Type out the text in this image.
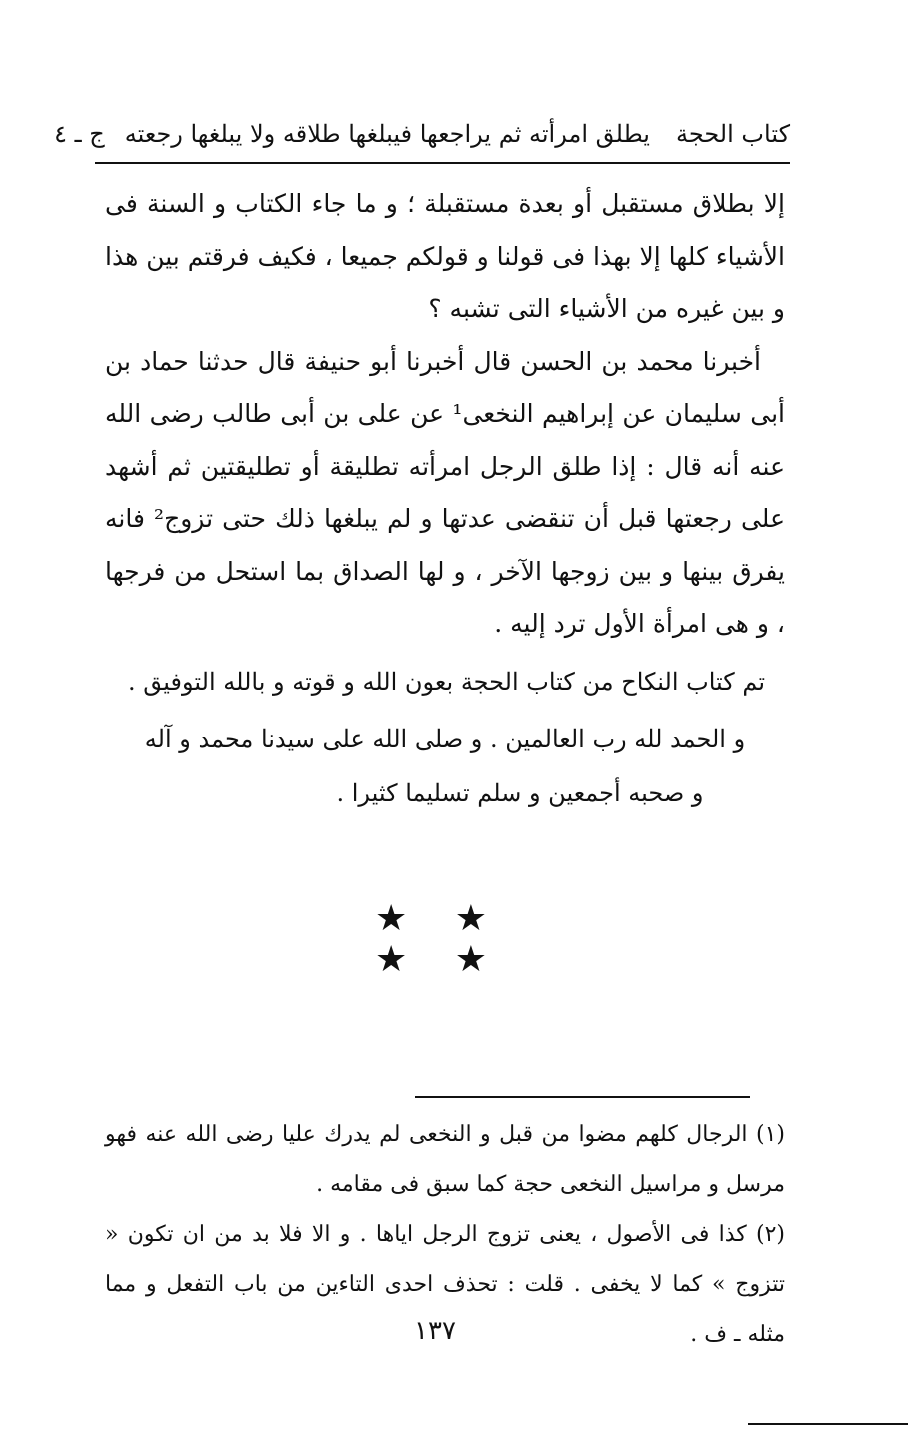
كتاب الحجة
يطلق امرأته ثم يراجعها فيبلغها طلاقه ولا يبلغها رجعته
ج ـ ٤

إلا بطلاق مستقبل أو بعدة مستقبلة ؛ و ما جاء الكتاب و السنة فى الأشياء كلها إلا بهذا فى قولنا و قولكم جميعا ، فكيف فرقتم بين هذا و بين غيره من الأشياء التى تشبه ؟

أخبرنا محمد بن الحسن قال أخبرنا أبو حنيفة قال حدثنا حماد بن أبى سليمان عن إبراهيم النخعى¹ عن على بن أبى طالب رضى الله عنه أنه قال : إذا طلق الرجل امرأته تطليقة أو تطليقتين ثم أشهد على رجعتها قبل أن تنقضى عدتها و لم يبلغها ذلك حتى تزوج² فانه يفرق بينها و بين زوجها الآخر ، و لها الصداق بما استحل من فرجها ، و هى امرأة الأول ترد إليه .

تم كتاب النكاح من كتاب الحجة بعون الله و قوته و بالله التوفيق .
و الحمد لله رب العالمين . و صلى الله على سيدنا محمد و آله
و صحبه أجمعين و سلم تسليما كثيرا .
★ ★ ★ ★

(١) الرجال كلهم مضوا من قبل و النخعى لم يدرك عليا رضى الله عنه فهو مرسل و مراسيل النخعى حجة كما سبق فى مقامه .

(٢) كذا فى الأصول ، يعنى تزوج الرجل اياها . و الا فلا بد من ان تكون « تتزوج » كما لا يخفى . قلت : تحذف احدى التاءين من باب التفعل و مما مثله ـ ف .

١٣٧
